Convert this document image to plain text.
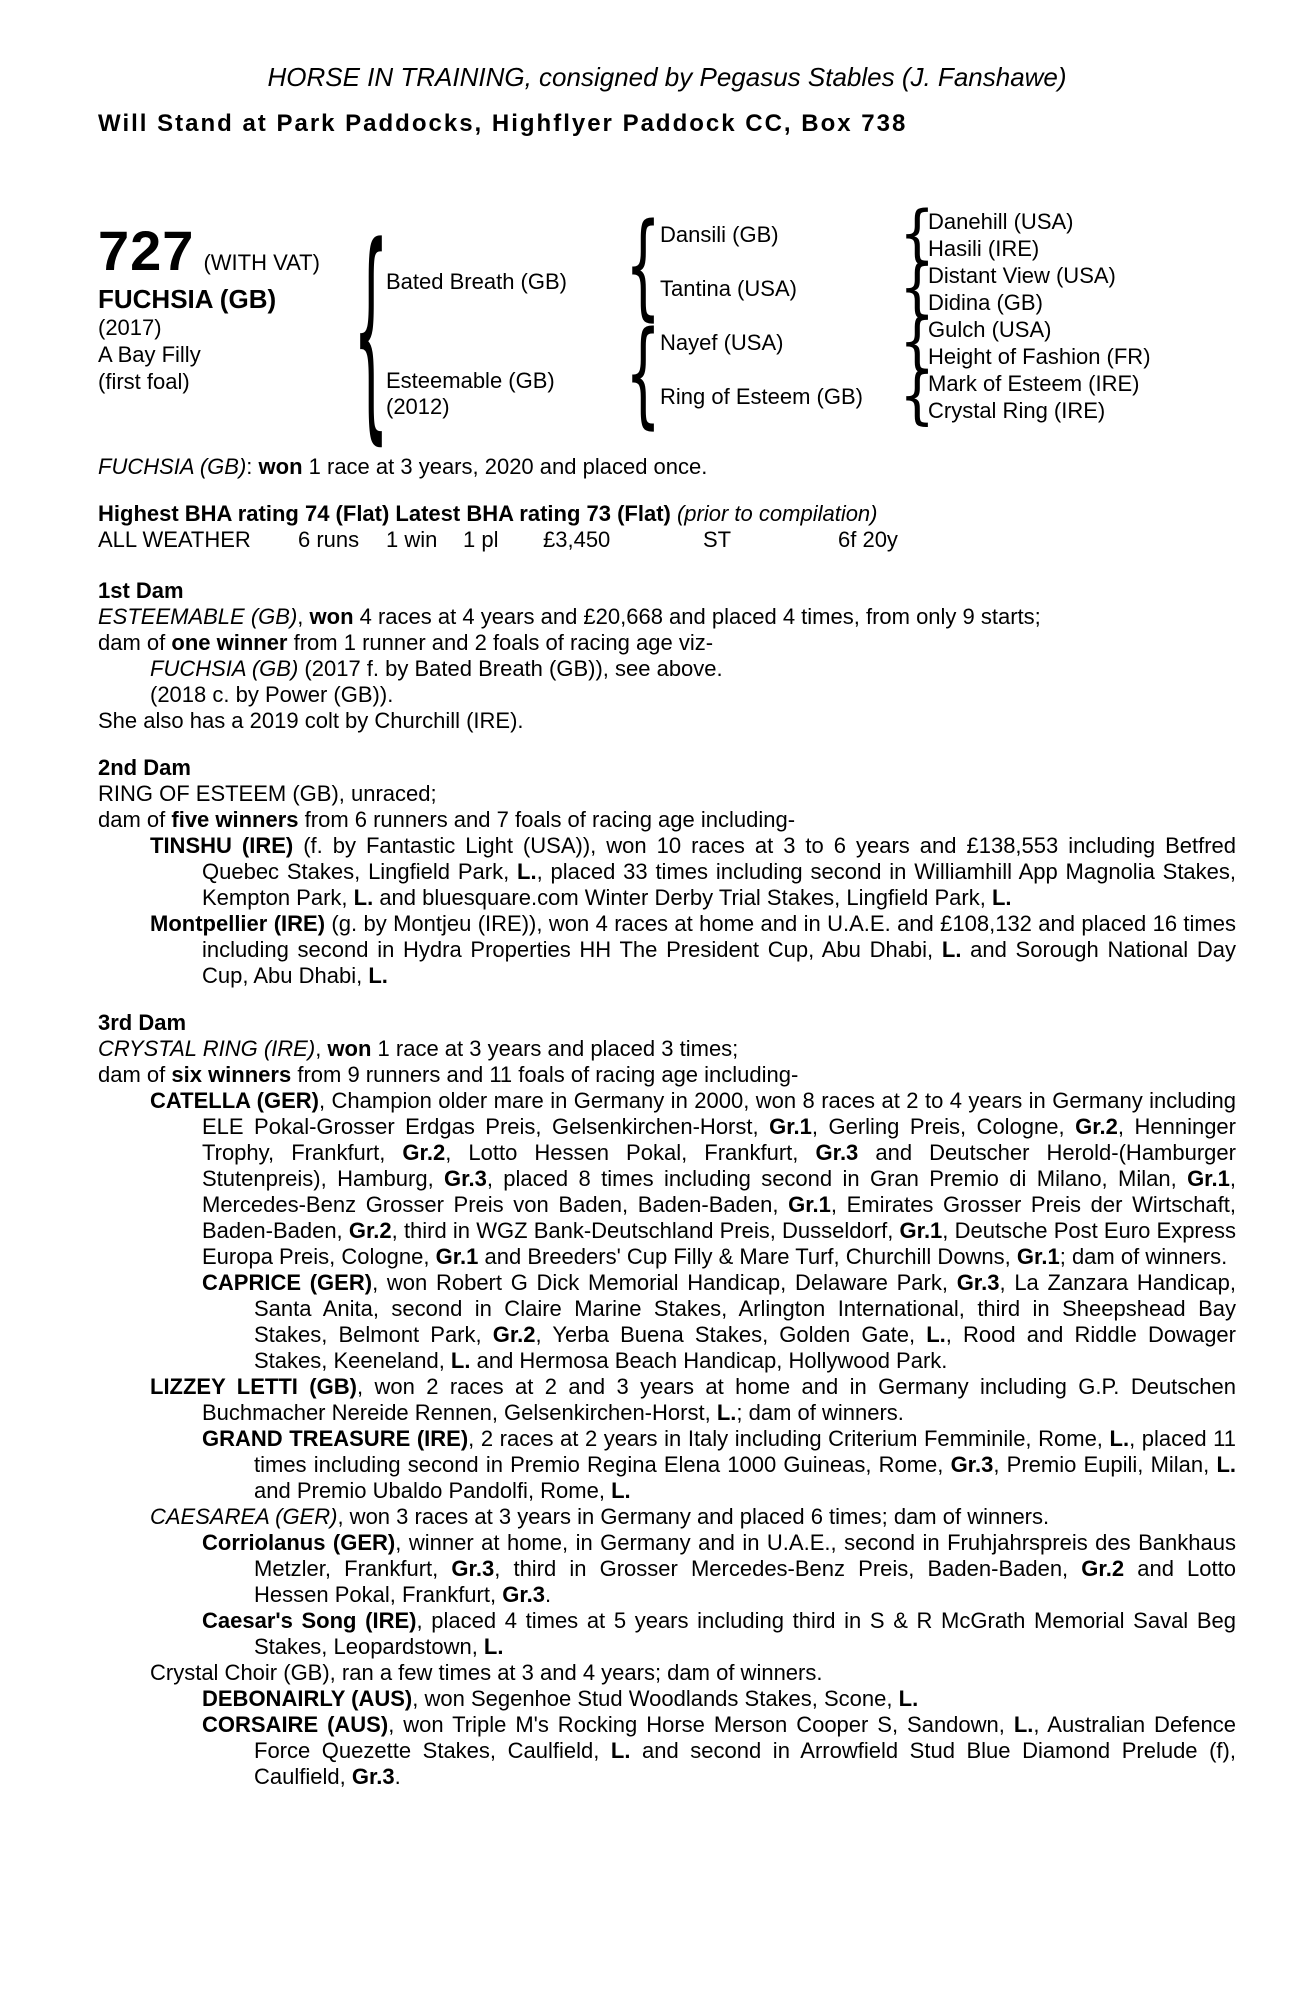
HORSE IN TRAINING, consigned by Pegasus Stables (J. Fanshawe)
Will Stand at Park Paddocks, Highflyer Paddock CC, Box 738
727 (WITH VAT)
FUCHSIA (GB)
(2017)
A Bay Filly
(first foal)
{
Bated Breath (GB)
Esteemable (GB)
(2012)
{
{
Dansili (GB)
Tantina (USA)
Nayef (USA)
Ring of Esteem (GB)
{
{
{
{
Danehill (USA)
Hasili (IRE)
Distant View (USA)
Didina (GB)
Gulch (USA)
Height of Fashion (FR)
Mark of Esteem (IRE)
Crystal Ring (IRE)
FUCHSIA (GB): won 1 race at 3 years, 2020 and placed once.
Highest BHA rating 74 (Flat) Latest BHA rating 73 (Flat) (prior to compilation)
ALL WEATHER	6 runs	1 win	1 pl	£3,450	ST	6f 20y
1st Dam
ESTEEMABLE (GB), won 4 races at 4 years and £20,668 and placed 4 times, from only 9 starts;
dam of one winner from 1 runner and 2 foals of racing age viz-
FUCHSIA (GB) (2017 f. by Bated Breath (GB)), see above.
(2018 c. by Power (GB)).
She also has a 2019 colt by Churchill (IRE).
2nd Dam
RING OF ESTEEM (GB), unraced;
dam of five winners from 6 runners and 7 foals of racing age including-
TINSHU (IRE) (f. by Fantastic Light (USA)), won 10 races at 3 to 6 years and £138,553 including Betfred Quebec Stakes, Lingfield Park, L., placed 33 times including second in Williamhill App Magnolia Stakes, Kempton Park, L. and bluesquare.com Winter Derby Trial Stakes, Lingfield Park, L.
Montpellier (IRE) (g. by Montjeu (IRE)), won 4 races at home and in U.A.E. and £108,132 and placed 16 times including second in Hydra Properties HH The President Cup, Abu Dhabi, L. and Sorough National Day Cup, Abu Dhabi, L.
3rd Dam
CRYSTAL RING (IRE), won 1 race at 3 years and placed 3 times;
dam of six winners from 9 runners and 11 foals of racing age including-
CATELLA (GER), Champion older mare in Germany in 2000, won 8 races at 2 to 4 years in Germany including ELE Pokal-Grosser Erdgas Preis, Gelsenkirchen-Horst, Gr.1, Gerling Preis, Cologne, Gr.2, Henninger Trophy, Frankfurt, Gr.2, Lotto Hessen Pokal, Frankfurt, Gr.3 and Deutscher Herold-(Hamburger Stutenpreis), Hamburg, Gr.3, placed 8 times including second in Gran Premio di Milano, Milan, Gr.1, Mercedes-Benz Grosser Preis von Baden, Baden-Baden, Gr.1, Emirates Grosser Preis der Wirtschaft, Baden-Baden, Gr.2, third in WGZ Bank-Deutschland Preis, Dusseldorf, Gr.1, Deutsche Post Euro Express Europa Preis, Cologne, Gr.1 and Breeders' Cup Filly & Mare Turf, Churchill Downs, Gr.1; dam of winners.
CAPRICE (GER), won Robert G Dick Memorial Handicap, Delaware Park, Gr.3, La Zanzara Handicap, Santa Anita, second in Claire Marine Stakes, Arlington International, third in Sheepshead Bay Stakes, Belmont Park, Gr.2, Yerba Buena Stakes, Golden Gate, L., Rood and Riddle Dowager Stakes, Keeneland, L. and Hermosa Beach Handicap, Hollywood Park.
LIZZEY LETTI (GB), won 2 races at 2 and 3 years at home and in Germany including G.P. Deutschen Buchmacher Nereide Rennen, Gelsenkirchen-Horst, L.; dam of winners.
GRAND TREASURE (IRE), 2 races at 2 years in Italy including Criterium Femminile, Rome, L., placed 11 times including second in Premio Regina Elena 1000 Guineas, Rome, Gr.3, Premio Eupili, Milan, L. and Premio Ubaldo Pandolfi, Rome, L.
CAESAREA (GER), won 3 races at 3 years in Germany and placed 6 times; dam of winners.
Corriolanus (GER), winner at home, in Germany and in U.A.E., second in Fruhjahrspreis des Bankhaus Metzler, Frankfurt, Gr.3, third in Grosser Mercedes-Benz Preis, Baden-Baden, Gr.2 and Lotto Hessen Pokal, Frankfurt, Gr.3.
Caesar's Song (IRE), placed 4 times at 5 years including third in S & R McGrath Memorial Saval Beg Stakes, Leopardstown, L.
Crystal Choir (GB), ran a few times at 3 and 4 years; dam of winners.
DEBONAIRLY (AUS), won Segenhoe Stud Woodlands Stakes, Scone, L.
CORSAIRE (AUS), won Triple M's Rocking Horse Merson Cooper S, Sandown, L., Australian Defence Force Quezette Stakes, Caulfield, L. and second in Arrowfield Stud Blue Diamond Prelude (f), Caulfield, Gr.3.
